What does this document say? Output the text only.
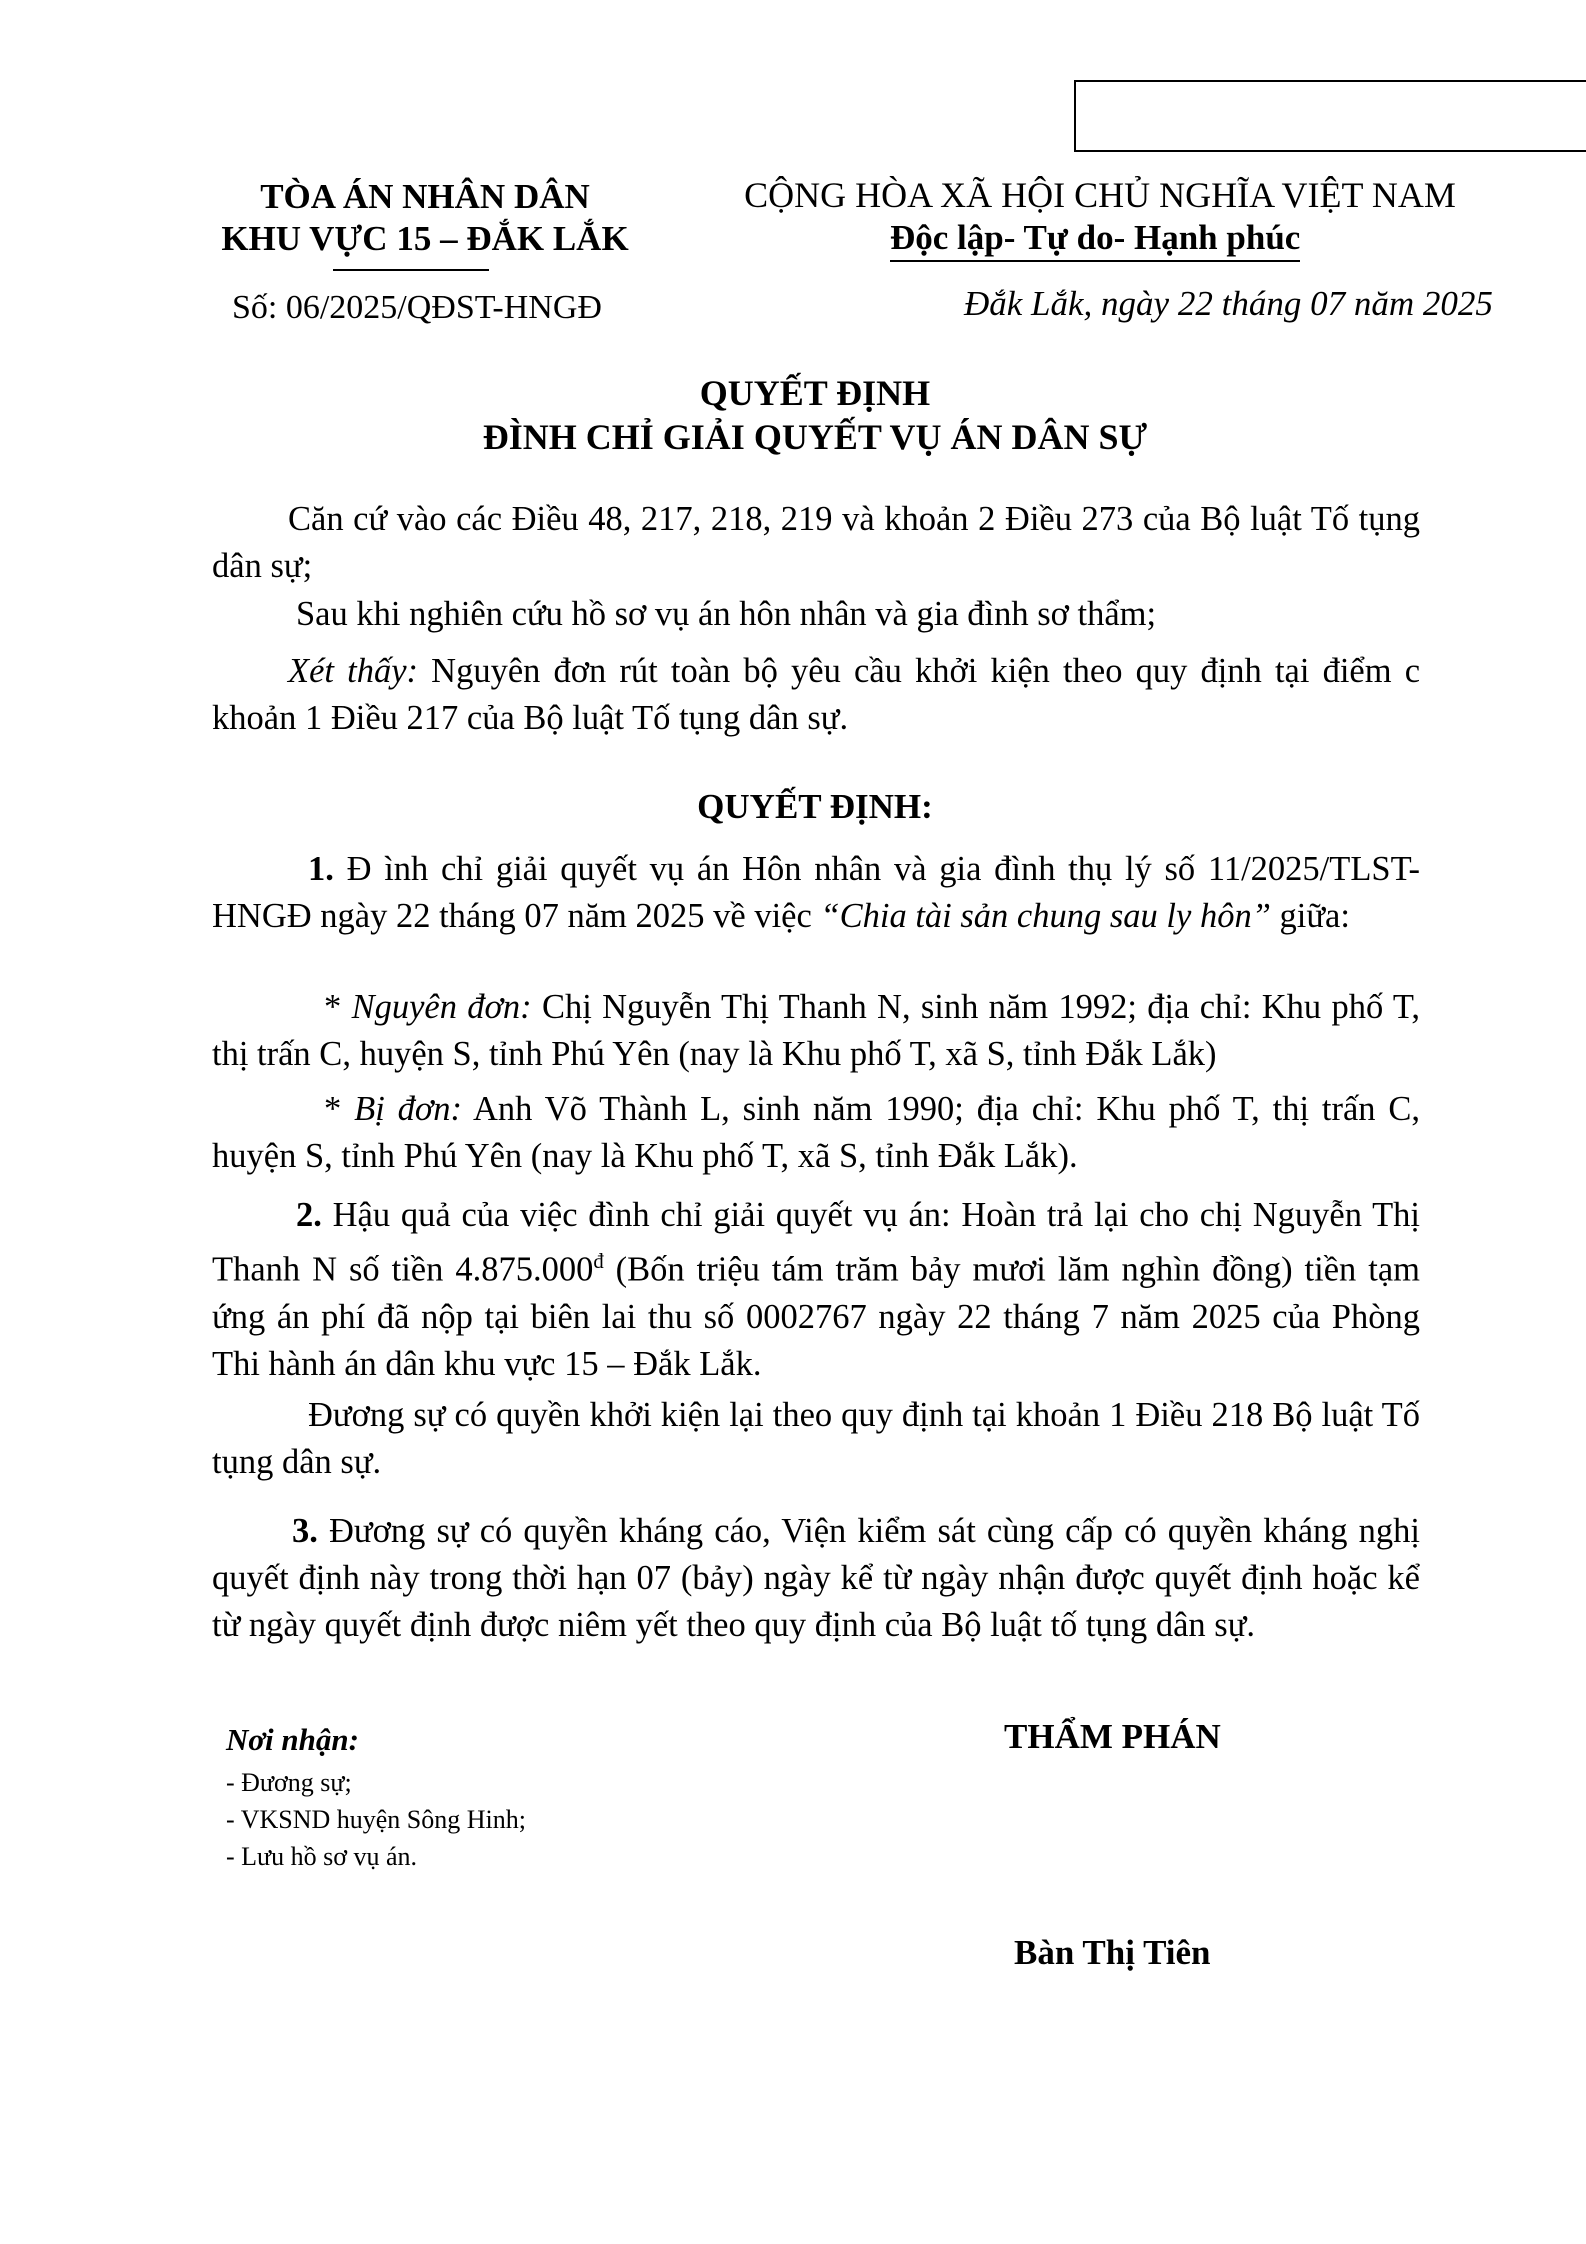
TÒA ÁN NHÂN DÂN
KHU VỰC 15 – ĐẮK LẮK
CỘNG HÒA XÃ HỘI CHỦ NGHĨA VIỆT NAM
Độc lập- Tự do- Hạnh phúc
Số: 06/2025/QĐST-HNGĐ	Đắk Lắk, ngày 22 tháng 07 năm 2025
QUYẾT ĐỊNH
ĐÌNH CHỈ GIẢI QUYẾT VỤ ÁN DÂN SỰ
Căn cứ vào các Điều 48, 217, 218, 219 và khoản 2 Điều 273 của Bộ luật Tố tụng dân sự;
Sau khi nghiên cứu hồ sơ vụ án hôn nhân và gia đình sơ thẩm;
Xét thấy: Nguyên đơn rút toàn bộ yêu cầu khởi kiện theo quy định tại điểm c khoản 1 Điều 217 của Bộ luật Tố tụng dân sự.
QUYẾT ĐỊNH:
1. Đ ình chỉ giải quyết vụ án Hôn nhân và gia đình thụ lý số 11/2025/TLST-HNGĐ ngày 22 tháng 07 năm 2025 về việc “Chia tài sản chung sau ly hôn” giữa:
* Nguyên đơn: Chị Nguyễn Thị Thanh N, sinh năm 1992; địa chỉ: Khu phố T, thị trấn C, huyện S, tỉnh Phú Yên (nay là Khu phố T, xã S, tỉnh Đắk Lắk)
* Bị đơn: Anh Võ Thành L, sinh năm 1990; địa chỉ: Khu phố T, thị trấn C, huyện S, tỉnh Phú Yên (nay là Khu phố T, xã S, tỉnh Đắk Lắk).
2. Hậu quả của việc đình chỉ giải quyết vụ án: Hoàn trả lại cho chị Nguyễn Thị Thanh N số tiền $4.875.000^đ$ (Bốn triệu tám trăm bảy mươi lăm nghìn đồng) tiền tạm ứng án phí đã nộp tại biên lai thu số 0002767 ngày 22 tháng 7 năm 2025 của Phòng Thi hành án dân khu vực 15 – Đắk Lắk.
Đương sự có quyền khởi kiện lại theo quy định tại khoản 1 Điều 218 Bộ luật Tố tụng dân sự.
3. Đương sự có quyền kháng cáo, Viện kiểm sát cùng cấp có quyền kháng nghị quyết định này trong thời hạn 07 (bảy) ngày kể từ ngày nhận được quyết định hoặc kể từ ngày quyết định được niêm yết theo quy định của Bộ luật tố tụng dân sự.
Nơi nhận:
- Đương sự;
- VKSND huyện Sông Hinh;
- Lưu hồ sơ vụ án.
THẨM PHÁN
Bàn Thị Tiên
